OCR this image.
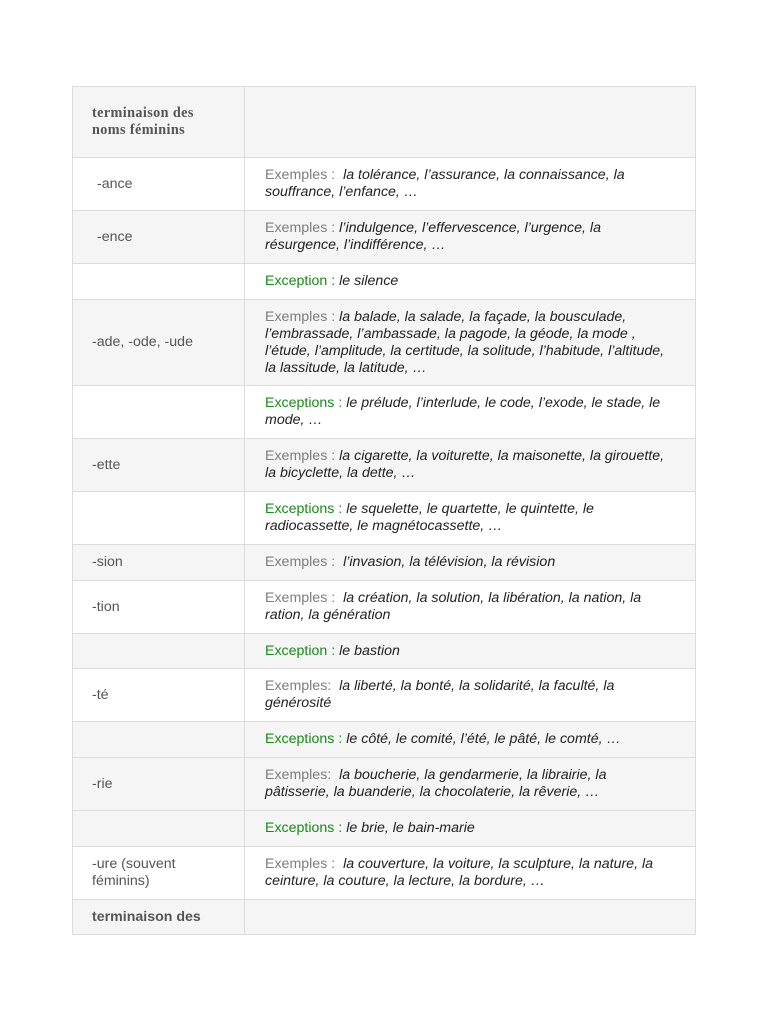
terminaison des noms féminins	
-ance	Exemples : la tolérance, l’assurance, la connaissance, la souffrance, l’enfance, …
-ence	Exemples : l’indulgence, l’effervescence, l’urgence, la résurgence, l’indifférence, …
	Exception : le silence
-ade, -ode, -ude	Exemples : la balade, la salade, la façade, la bousculade, l’embrassade, l’ambassade, la pagode, la géode, la mode , l’étude, l’amplitude, la certitude, la solitude, l’habitude, l’altitude, la lassitude, la latitude, …
	Exceptions : le prélude, l’interlude, le code, l’exode, le stade, le mode, …
-ette	Exemples : la cigarette, la voiturette, la maisonette, la girouette, la bicyclette, la dette, …
	Exceptions : le squelette, le quartette, le quintette, le radiocassette, le magnétocassette, …
-sion	Exemples : l’invasion, la télévision, la révision
-tion	Exemples : la création, la solution, la libération, la nation, la ration, la génération
	Exception : le bastion
-té	Exemples: la liberté, la bonté, la solidarité, la faculté, la générosité
	Exceptions : le côté, le comité, l’été, le pâté, le comté, …
-rie	Exemples: la boucherie, la gendarmerie, la librairie, la pâtisserie, la buanderie, la chocolaterie, la rêverie, …
	Exceptions : le brie, le bain-marie
-ure (souvent féminins)	Exemples : la couverture, la voiture, la sculpture, la nature, la ceinture, la couture, la lecture, la bordure, …
terminaison des	
